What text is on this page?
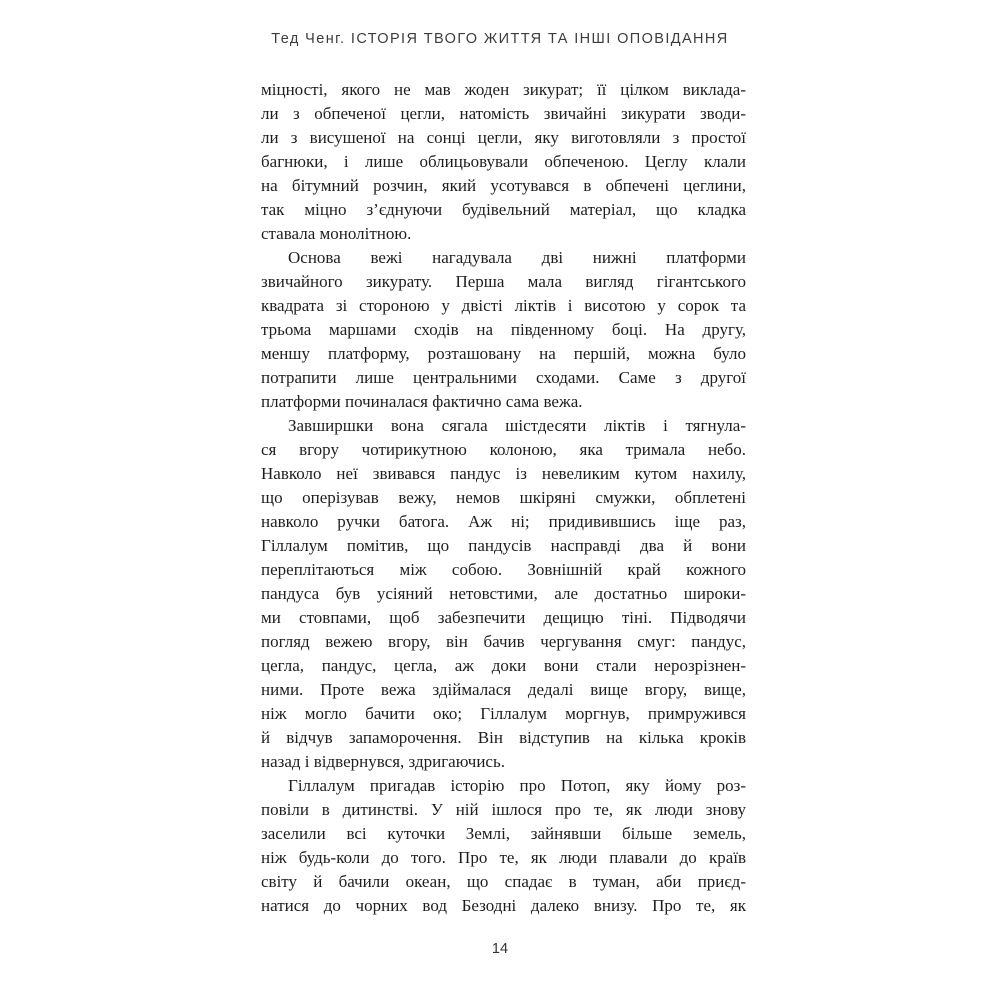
Тед Ченг. ІСТОРІЯ ТВОГО ЖИТТЯ ТА ІНШІ ОПОВІДАННЯ
міцності, якого не мав жоден зикурат; її цілком виклада-
ли з обпеченої цегли, натомість звичайні зикурати зводи-
ли з висушеної на сонці цегли, яку виготовляли з простої
багнюки, і лише облицьовували обпеченою. Цеглу клали
на бітумний розчин, який усотувався в обпечені цеглини,
так міцно з’єднуючи будівельний матеріал, що кладка
ставала монолітною.
Основа вежі нагадувала дві нижні платформи
звичайного зикурату. Перша мала вигляд гігантського
квадрата зі стороною у двісті ліктів і висотою у сорок та
трьома маршами сходів на південному боці. На другу,
меншу платформу, розташовану на першій, можна було
потрапити лише центральними сходами. Саме з другої
платформи починалася фактично сама вежа.
Завширшки вона сягала шістдесяти ліктів і тягнула-
ся вгору чотирикутною колоною, яка тримала небо.
Навколо неї звивався пандус із невеликим кутом нахилу,
що оперізував вежу, немов шкіряні смужки, обплетені
навколо ручки батога. Аж ні; придивившись іще раз,
Гіллалум помітив, що пандусів насправді два й вони
переплітаються між собою. Зовнішній край кожного
пандуса був усіяний нетовстими, але достатньо широки-
ми стовпами, щоб забезпечити дещицю тіні. Підводячи
погляд вежею вгору, він бачив чергування смуг: пандус,
цегла, пандус, цегла, аж доки вони стали нерозрізнен-
ними. Проте вежа здіймалася дедалі вище вгору, вище,
ніж могло бачити око; Гіллалум моргнув, примружився
й відчув запаморочення. Він відступив на кілька кроків
назад і відвернувся, здригаючись.
Гіллалум пригадав історію про Потоп, яку йому роз-
повіли в дитинстві. У ній ішлося про те, як люди знову
заселили всі куточки Землі, зайнявши більше земель,
ніж будь-коли до того. Про те, як люди плавали до країв
світу й бачили океан, що спадає в туман, аби приєд-
натися до чорних вод Безодні далеко внизу. Про те, як
14
